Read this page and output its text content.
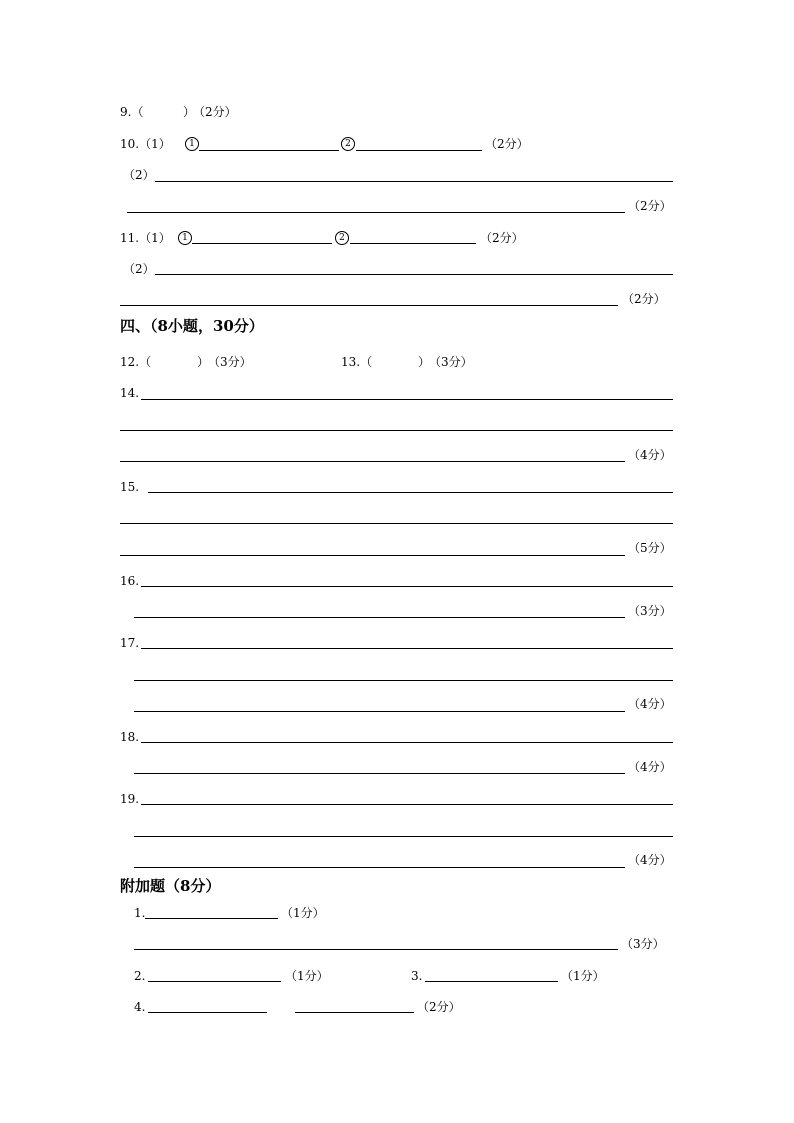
9.（	）
（2分）
10.（1）	1	2	（2分）
（2）
（2分）
11.（1）	1	2	（2分）
（2）
（2分）
四、（8小题，30分）
12.（	）
（3分）	13.（	）
（3分）
14.
（4分）
15.
（5分）
16.
（3分）
17.
（4分）
18.
（4分）
19.
（4分）
附加题（8分）
1.	（1分）
（3分）
2.	（1分）	3.	（1分）
4.	（2分）
